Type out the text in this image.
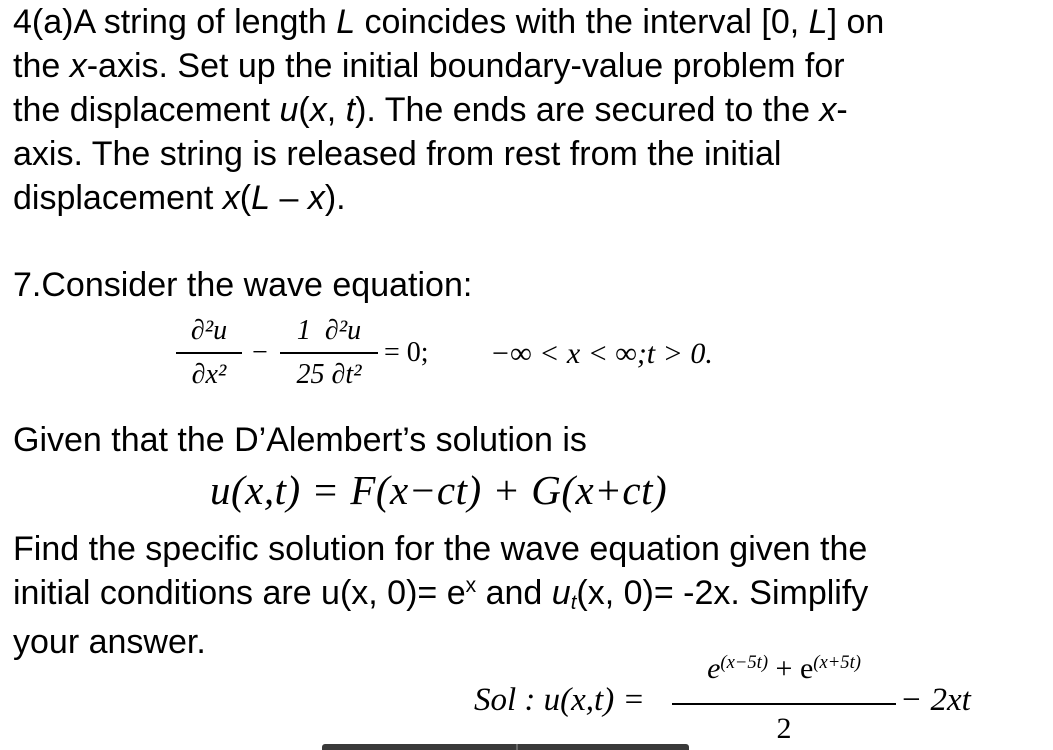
4(a)A string of length L coincides with the interval [0, L] on
the x-axis. Set up the initial boundary-value problem for
the displacement u(x, t). The ends are secured to the x-
axis. The string is released from rest from the initial
displacement x(L – x).
7.Consider the wave equation:
∂²u
∂x²
−
1  ∂²u
25 ∂t²
= 0; −∞ < x < ∞;t > 0.
Given that the D’Alembert’s solution is
u(x,t) = F(x−ct) + G(x+ct)
Find the specific solution for the wave equation given the
initial conditions are u(x, $0)= e^x$ and ut(x, 0)= -2x. Simplify
your answer.
Sol : u(x,t) =
$e^{(x-5t)} + e^{(x+5t)}$
2
− 2xt
